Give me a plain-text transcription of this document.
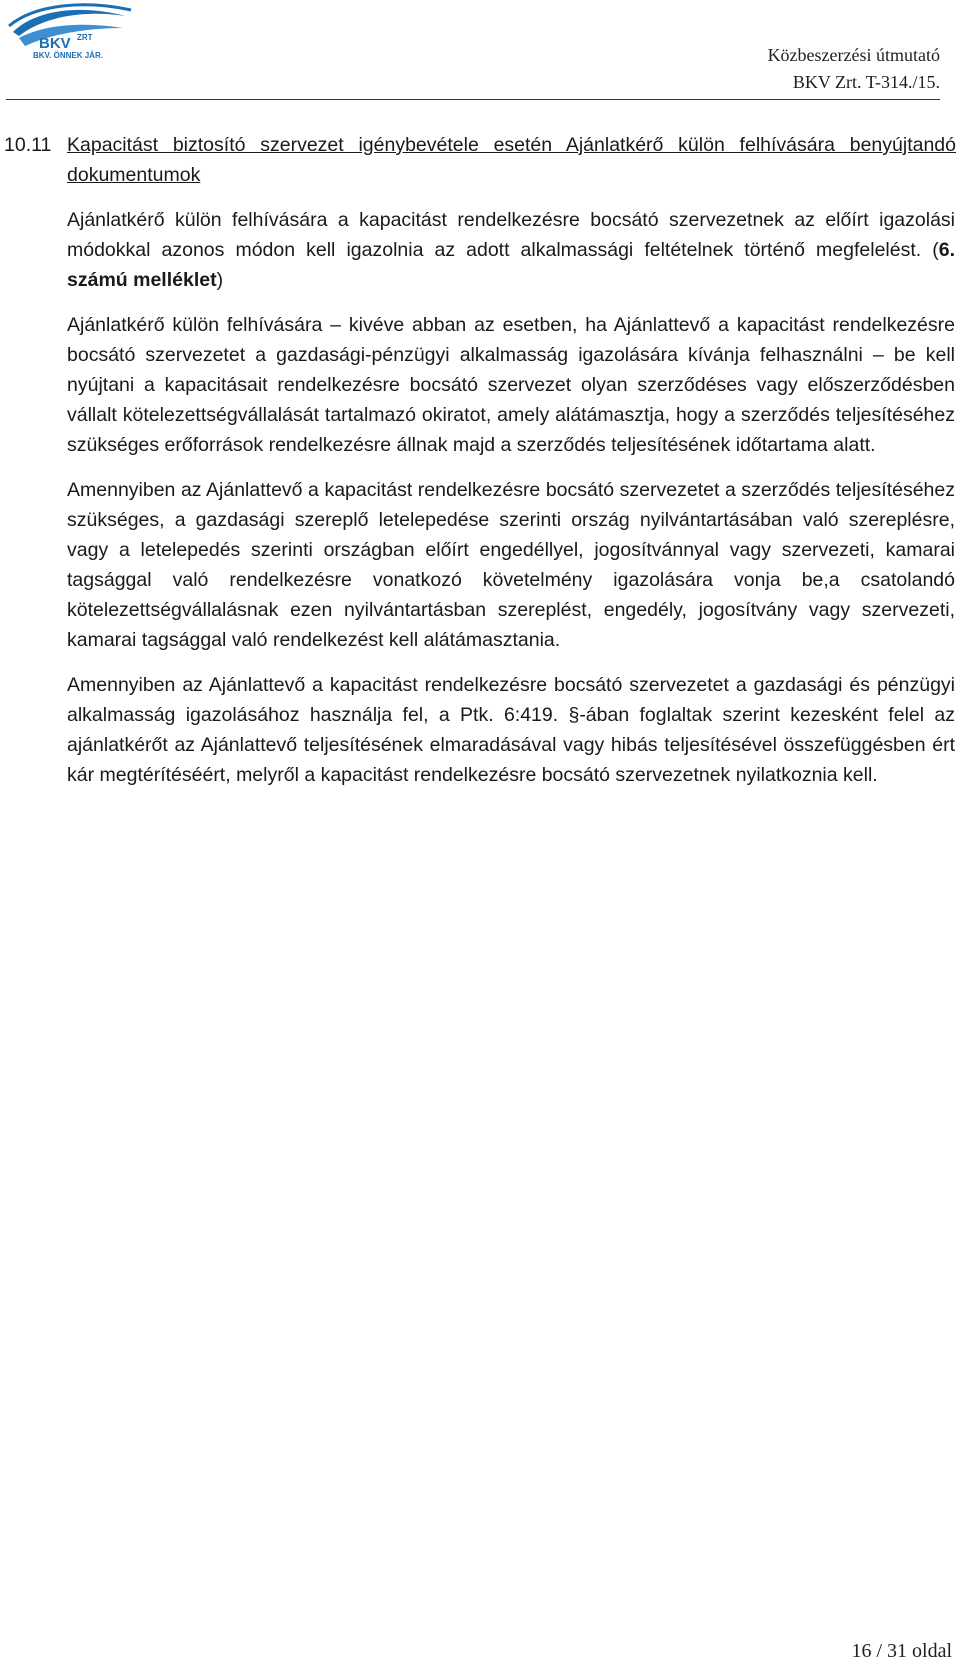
BKV ZRT
BKV. ÖNNEK JÁR.	Közbeszerzési útmutató
BKV Zrt. T-314./15.
10.11 Kapacitást biztosító szervezet igénybevétele esetén Ajánlatkérő külön felhívására benyújtandó dokumentumok

Ajánlatkérő külön felhívására a kapacitást rendelkezésre bocsátó szervezetnek az előírt igazolási módokkal azonos módon kell igazolnia az adott alkalmassági feltételnek történő megfelelést. (6. számú melléklet)

Ajánlatkérő külön felhívására – kivéve abban az esetben, ha Ajánlattevő a kapacitást rendelkezésre bocsátó szervezetet a gazdasági-pénzügyi alkalmasság igazolására kívánja felhasználni – be kell nyújtani a kapacitásait rendelkezésre bocsátó szervezet olyan szerződéses vagy előszerződésben vállalt kötelezettségvállalását tartalmazó okiratot, amely alátámasztja, hogy a szerződés teljesítéséhez szükséges erőforrások rendelkezésre állnak majd a szerződés teljesítésének időtartama alatt.

Amennyiben az Ajánlattevő a kapacitást rendelkezésre bocsátó szervezetet a szerződés teljesítéséhez szükséges, a gazdasági szereplő letelepedése szerinti ország nyilvántartásában való szereplésre, vagy a letelepedés szerinti országban előírt engedéllyel, jogosítvánnyal vagy szervezeti, kamarai tagsággal való rendelkezésre vonatkozó követelmény igazolására vonja be,a csatolandó kötelezettségvállalásnak ezen nyilvántartásban szereplést, engedély, jogosítvány vagy szervezeti, kamarai tagsággal való rendelkezést kell alátámasztania.

Amennyiben az Ajánlattevő a kapacitást rendelkezésre bocsátó szervezetet a gazdasági és pénzügyi alkalmasság igazolásához használja fel, a Ptk. 6:419. §-ában foglaltak szerint kezesként felel az ajánlatkérőt az Ajánlattevő teljesítésének elmaradásával vagy hibás teljesítésével összefüggésben ért kár megtérítéséért, melyről a kapacitást rendelkezésre bocsátó szervezetnek nyilatkoznia kell.

16 / 31 oldal
